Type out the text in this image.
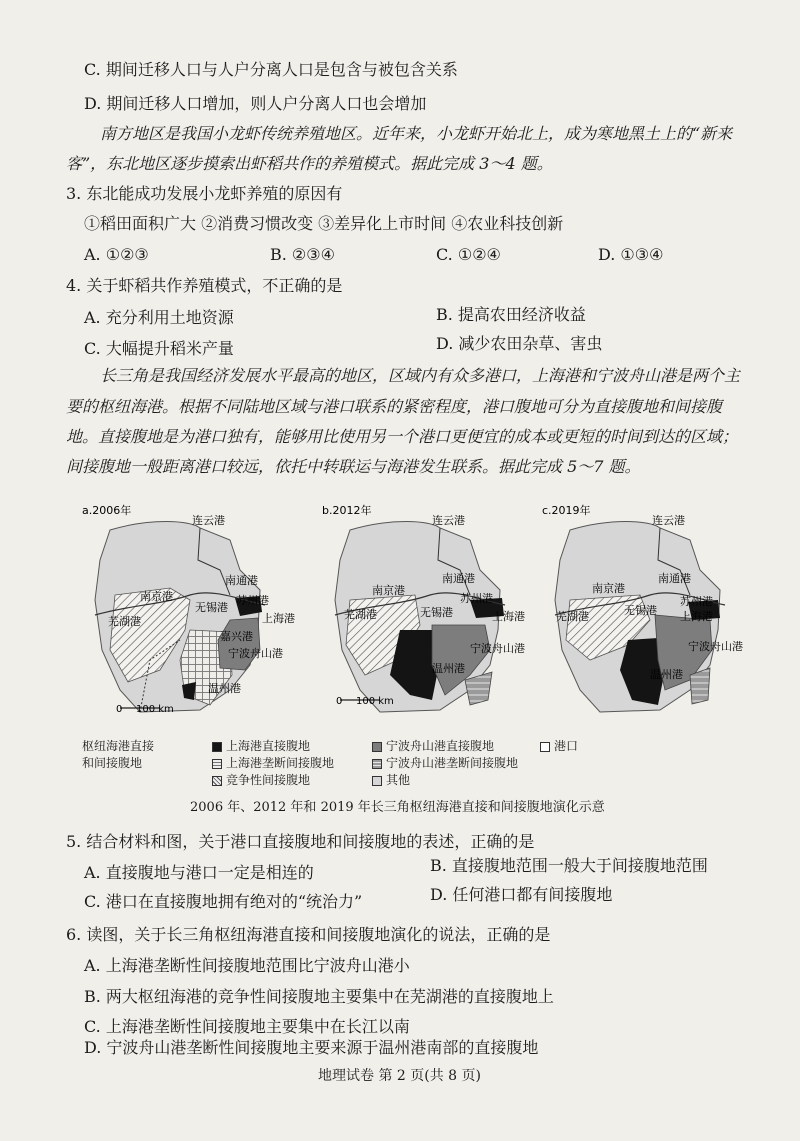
C. 期间迁移人口与人户分离人口是包含与被包含关系
D. 期间迁移人口增加，则人户分离人口也会增加
南方地区是我国小龙虾传统养殖地区。近年来，小龙虾开始北上，成为寒地黑土上的“新来
客”，东北地区逐步摸索出虾稻共作的养殖模式。据此完成 3～4 题。
3. 东北能成功发展小龙虾养殖的原因有
①稻田面积广大 ②消费习惯改变 ③差异化上市时间 ④农业科技创新
A. ①②③	B. ②③④	C. ①②④	D. ①③④
4. 关于虾稻共作养殖模式，不正确的是
A. 充分利用土地资源	B. 提高农田经济收益
C. 大幅提升稻米产量	D. 减少农田杂草、害虫
长三角是我国经济发展水平最高的地区，区域内有众多港口，上海港和宁波舟山港是两个主
要的枢纽海港。根据不同陆地区域与港口联系的紧密程度，港口腹地可分为直接腹地和间接腹
地。直接腹地是为港口独有，能够用比使用另一个港口更便宜的成本或更短的时间到达的区域；
间接腹地一般距离港口较远，依托中转联运与海港发生联系。据此完成 5～7 题。
a.2006年
连云港
南通港
南京港
无锡港
苏州港
芜湖港	上海港
嘉兴港
宁波舟山港
温州港
0 100 km
b.2012年
连云港
南通港
南京港
苏州港
无锡港
芜湖港	上海港
宁波舟山港
温州港
0 100 km
c.2019年
连云港
南通港
南京港
苏州港
无锡港
芜湖港	上海港
宁波舟山港
温州港
枢纽海港直接
和间接腹地
上海港直接腹地
上海港垄断间接腹地
竞争性间接腹地
宁波舟山港直接腹地
宁波舟山港垄断间接腹地
其他
港口
2006 年、2012 年和 2019 年长三角枢纽海港直接和间接腹地演化示意
5. 结合材料和图，关于港口直接腹地和间接腹地的表述，正确的是
A. 直接腹地与港口一定是相连的	B. 直接腹地范围一般大于间接腹地范围
C. 港口在直接腹地拥有绝对的“统治力”	D. 任何港口都有间接腹地
6. 读图，关于长三角枢纽海港直接和间接腹地演化的说法，正确的是
A. 上海港垄断性间接腹地范围比宁波舟山港小
B. 两大枢纽海港的竞争性间接腹地主要集中在芜湖港的直接腹地上
C. 上海港垄断性间接腹地主要集中在长江以南
D. 宁波舟山港垄断性间接腹地主要来源于温州港南部的直接腹地
地理试卷 第 2 页(共 8 页)
